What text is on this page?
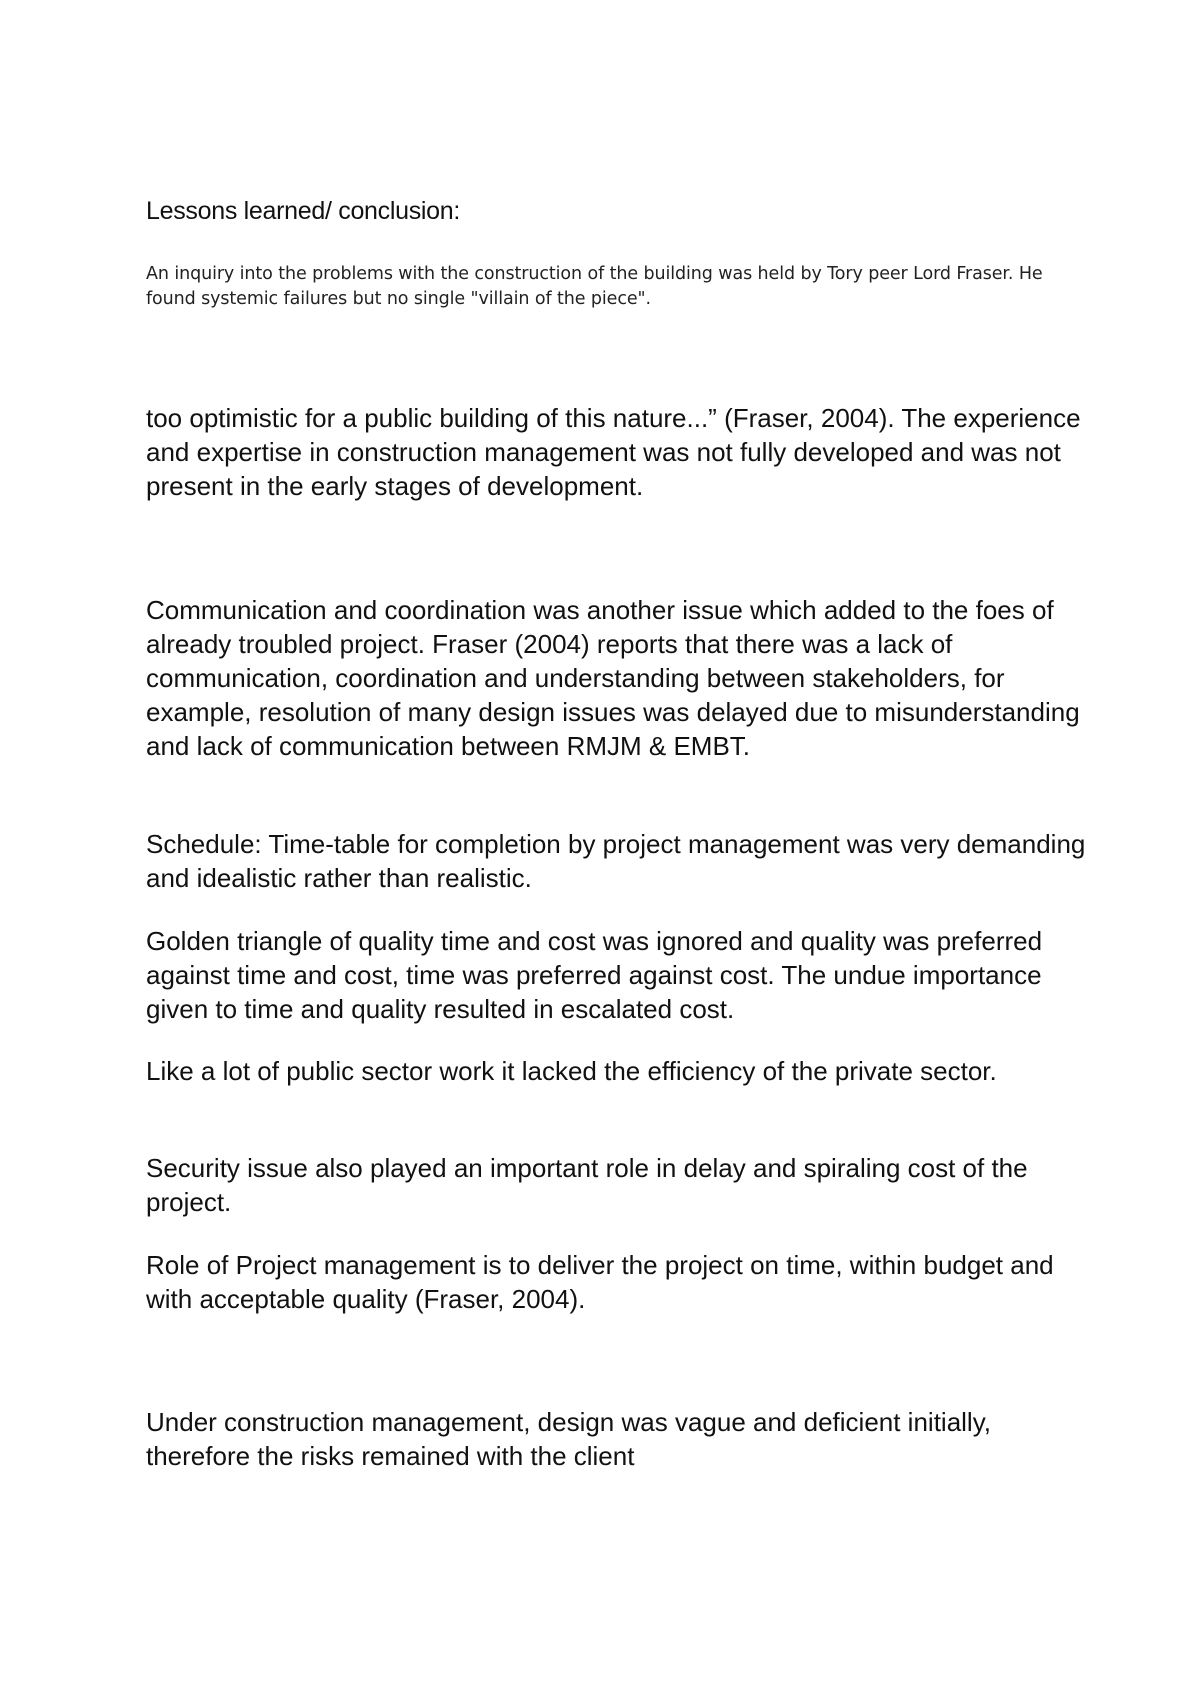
Lessons learned/ conclusion:

An inquiry into the problems with the construction of the building was held by Tory peer Lord Fraser. He found systemic failures but no single "villain of the piece".

too optimistic for a public building of this nature...” (Fraser, 2004). The experience and expertise in construction management was not fully developed and was not present in the early stages of development.

Communication and coordination was another issue which added to the foes of already troubled project. Fraser (2004) reports that there was a lack of communication, coordination and understanding between stakeholders, for example, resolution of many design issues was delayed due to misunderstanding and lack of communication between RMJM & EMBT.

Schedule: Time-table for completion by project management was very demanding and idealistic rather than realistic.

Golden triangle of quality time and cost was ignored and quality was preferred against time and cost, time was preferred against cost. The undue importance given to time and quality resulted in escalated cost.

Like a lot of public sector work it lacked the efficiency of the private sector.

Security issue also played an important role in delay and spiraling cost of the project.

Role of Project management is to deliver the project on time, within budget and with acceptable quality (Fraser, 2004).

Under construction management, design was vague and deficient initially, therefore the risks remained with the client
